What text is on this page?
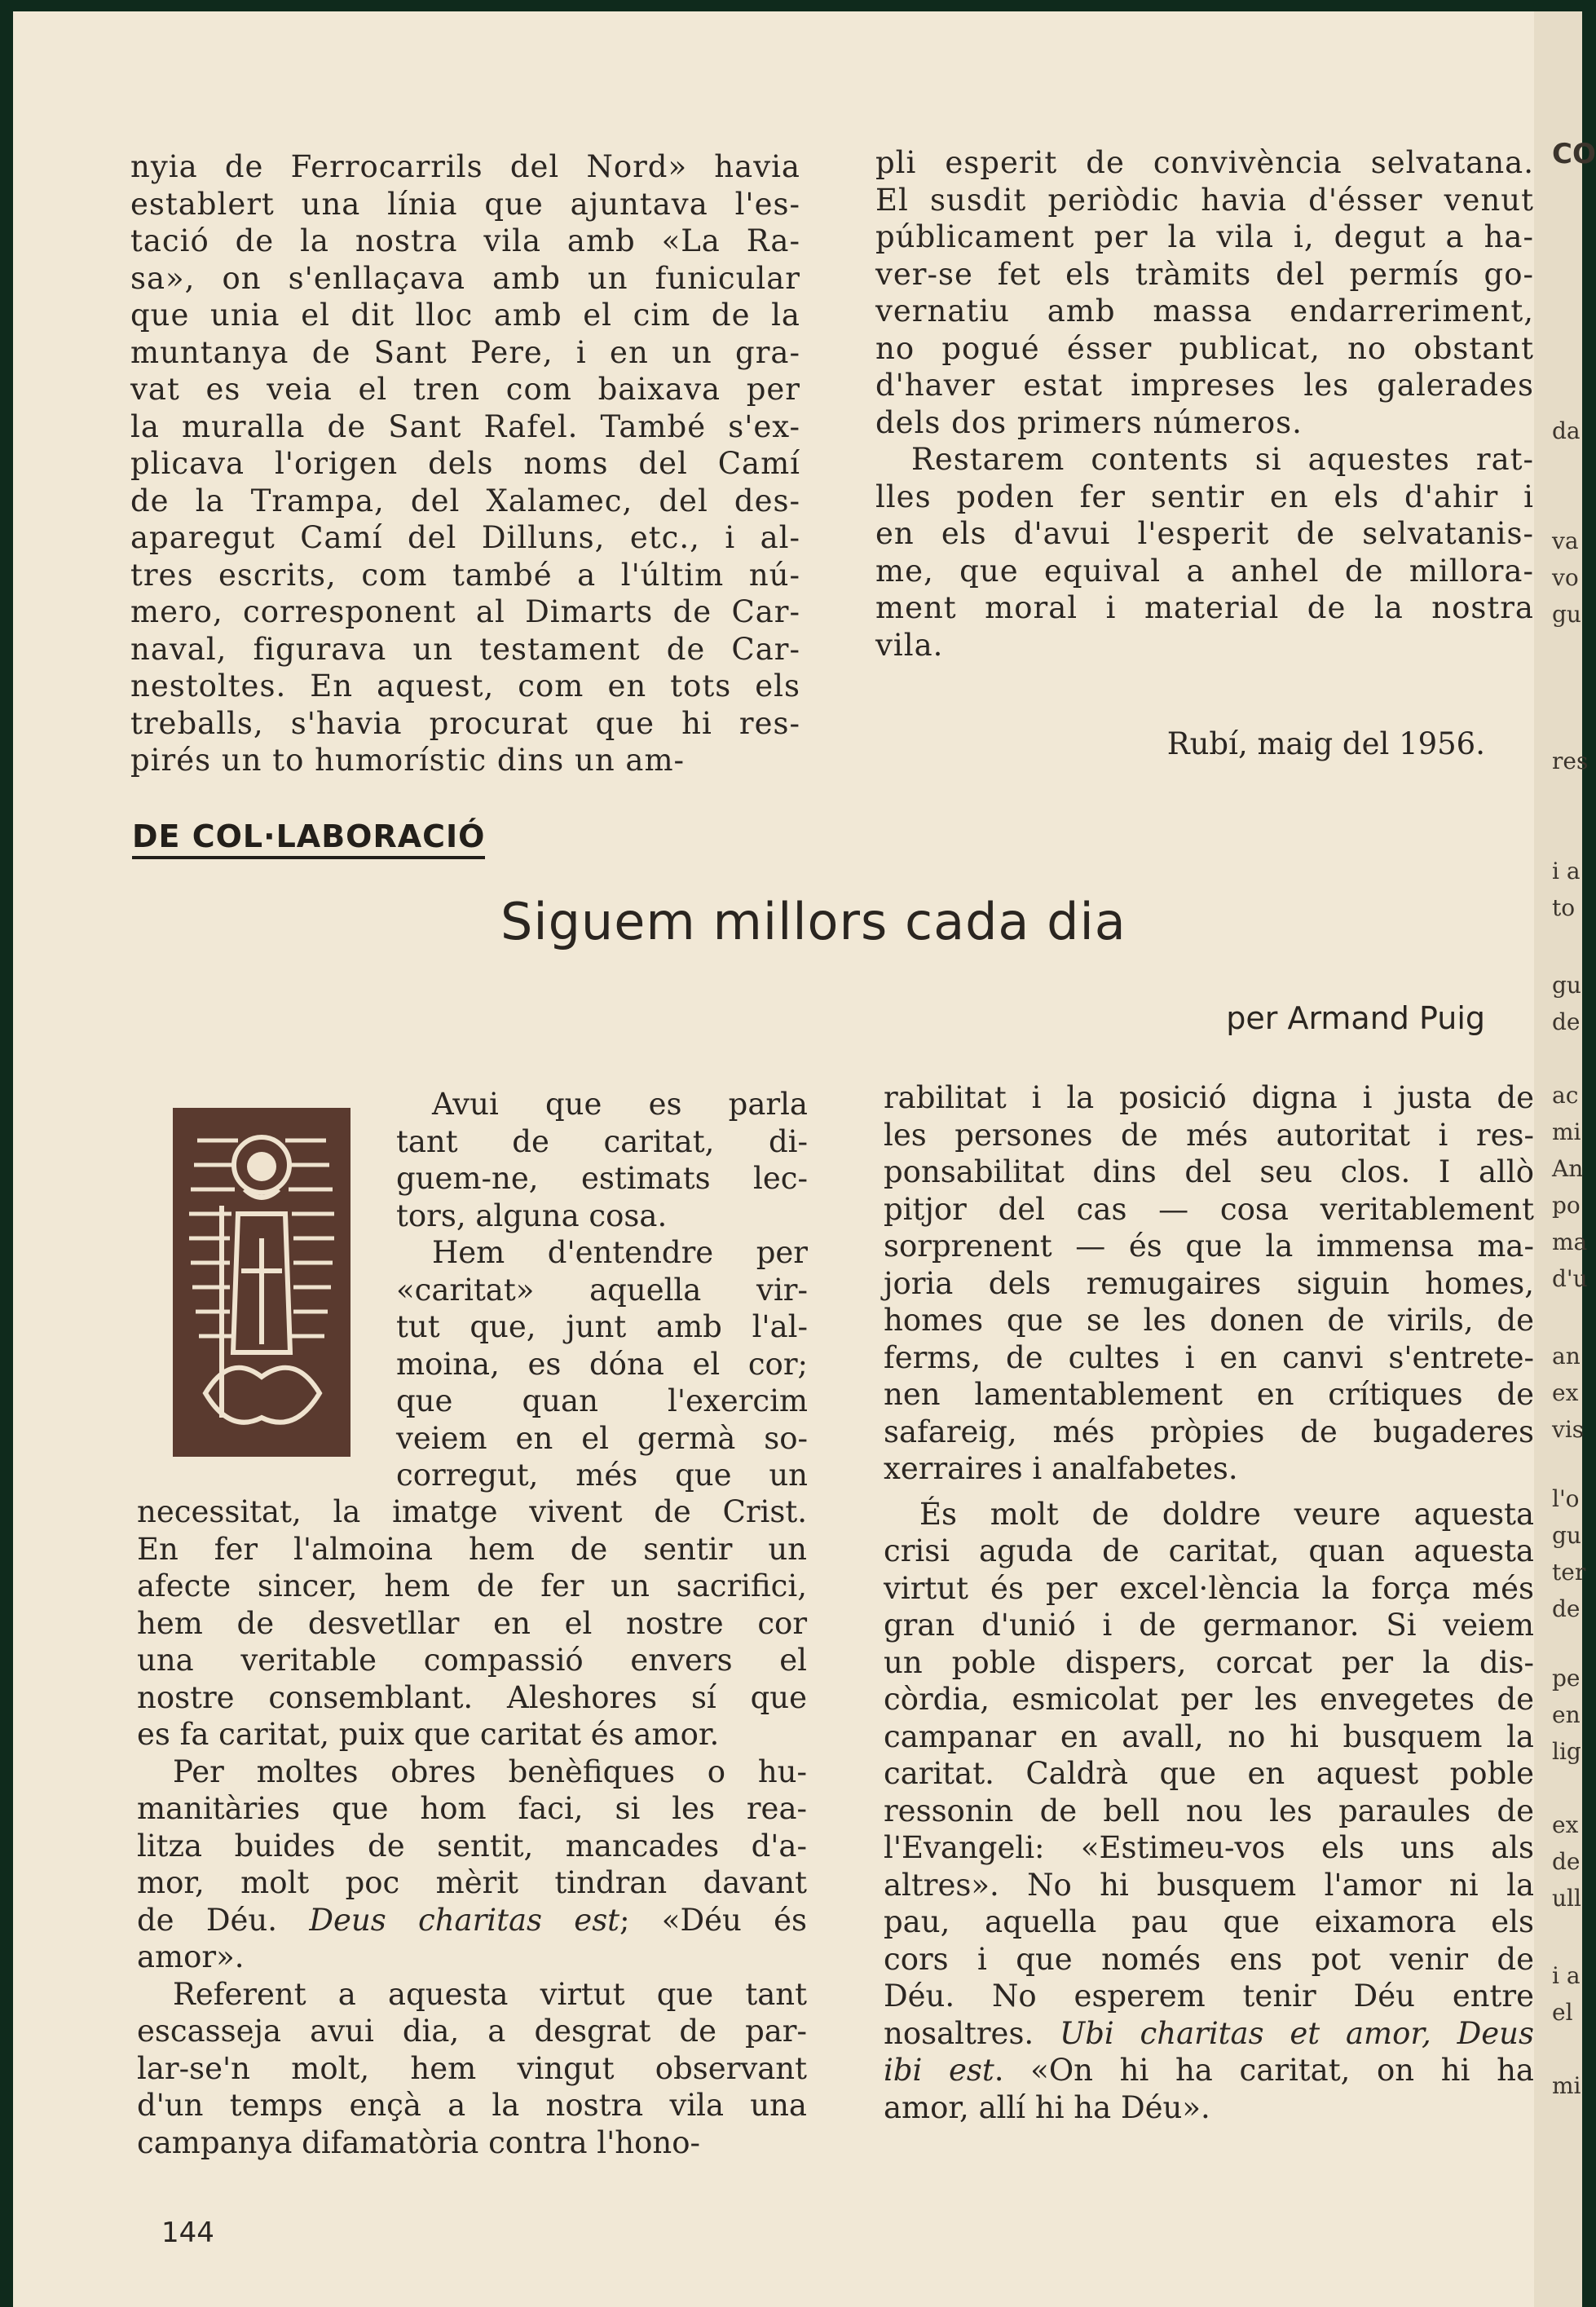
nyia de Ferrocarrils del Nord» havia
establert una línia que ajuntava l'es-
tació de la nostra vila amb «La Ra-
sa», on s'enllaçava amb un funicular
que unia el dit lloc amb el cim de la
muntanya de Sant Pere, i en un gra-
vat es veia el tren com baixava per
la muralla de Sant Rafel. També s'ex-
plicava l'origen dels noms del Camí
de la Trampa, del Xalamec, del des-
aparegut Camí del Dilluns, etc., i al-
tres escrits, com també a l'últim nú-
mero, corresponent al Dimarts de Car-
naval, figurava un testament de Car-
nestoltes. En aquest, com en tots els
treballs, s'havia procurat que hi res-
pirés un to humorístic dins un am-
pli esperit de convivència selvatana.
El susdit periòdic havia d'ésser venut
públicament per la vila i, degut a ha-
ver-se fet els tràmits del permís go-
vernatiu amb massa endarreriment,
no pogué ésser publicat, no obstant
d'haver estat impreses les galerades
dels dos primers números.
Restarem contents si aquestes rat-
lles poden fer sentir en els d'ahir i
en els d'avui l'esperit de selvatanis-
me, que equival a anhel de millora-
ment moral i material de la nostra
vila.
Rubí, maig del 1956.
DE COL·LABORACIÓ
Siguem millors cada dia
per Armand Puig
Avui que es parla
tant de caritat, di-
guem-ne, estimats lec-
tors, alguna cosa.
Hem d'entendre per
«caritat» aquella vir-
tut que, junt amb l'al-
moina, es dóna el cor;
que quan l'exercim
veiem en el germà so-
corregut, més que un
necessitat, la imatge vivent de Crist.
En fer l'almoina hem de sentir un
afecte sincer, hem de fer un sacrifici,
hem de desvetllar en el nostre cor
una veritable compassió envers el
nostre consemblant. Aleshores sí que
es fa caritat, puix que caritat és amor.
Per moltes obres benèfiques o hu-
manitàries que hom faci, si les rea-
litza buides de sentit, mancades d'a-
mor, molt poc mèrit tindran davant
de Déu. Deus charitas est; «Déu és
amor».
Referent a aquesta virtut que tant
escasseja avui dia, a desgrat de par-
lar-se'n molt, hem vingut observant
d'un temps ençà a la nostra vila una
campanya difamatòria contra l'hono-
rabilitat i la posició digna i justa de
les persones de més autoritat i res-
ponsabilitat dins del seu clos. I allò
pitjor del cas — cosa veritablement
sorprenent — és que la immensa ma-
joria dels remugaires siguin homes,
homes que se les donen de virils, de
ferms, de cultes i en canvi s'entrete-
nen lamentablement en crítiques de
safareig, més pròpies de bugaderes
xerraires i analfabetes.
És molt de doldre veure aquesta
crisi aguda de caritat, quan aquesta
virtut és per excel·lència la força més
gran d'unió i de germanor. Si veiem
un poble dispers, corcat per la dis-
còrdia, esmicolat per les envegetes de
campanar en avall, no hi busquem la
caritat. Caldrà que en aquest poble
ressonin de bell nou les paraules de
l'Evangeli: «Estimeu-vos els uns als
altres». No hi busquem l'amor ni la
pau, aquella pau que eixamora els
cors i que només ens pot venir de
Déu. No esperem tenir Déu entre
nosaltres. Ubi charitas et amor, Deus
ibi est. «On hi ha caritat, on hi ha
amor, allí hi ha Déu».
144
CO
da
va
vo
gu
res
i a
to
gu
de
ac
mi
An
po
ma
d'u
an
ex
vis
l'o
gu
ter
de
pe
en
lig
ex
de
ull
i a
el
mi
